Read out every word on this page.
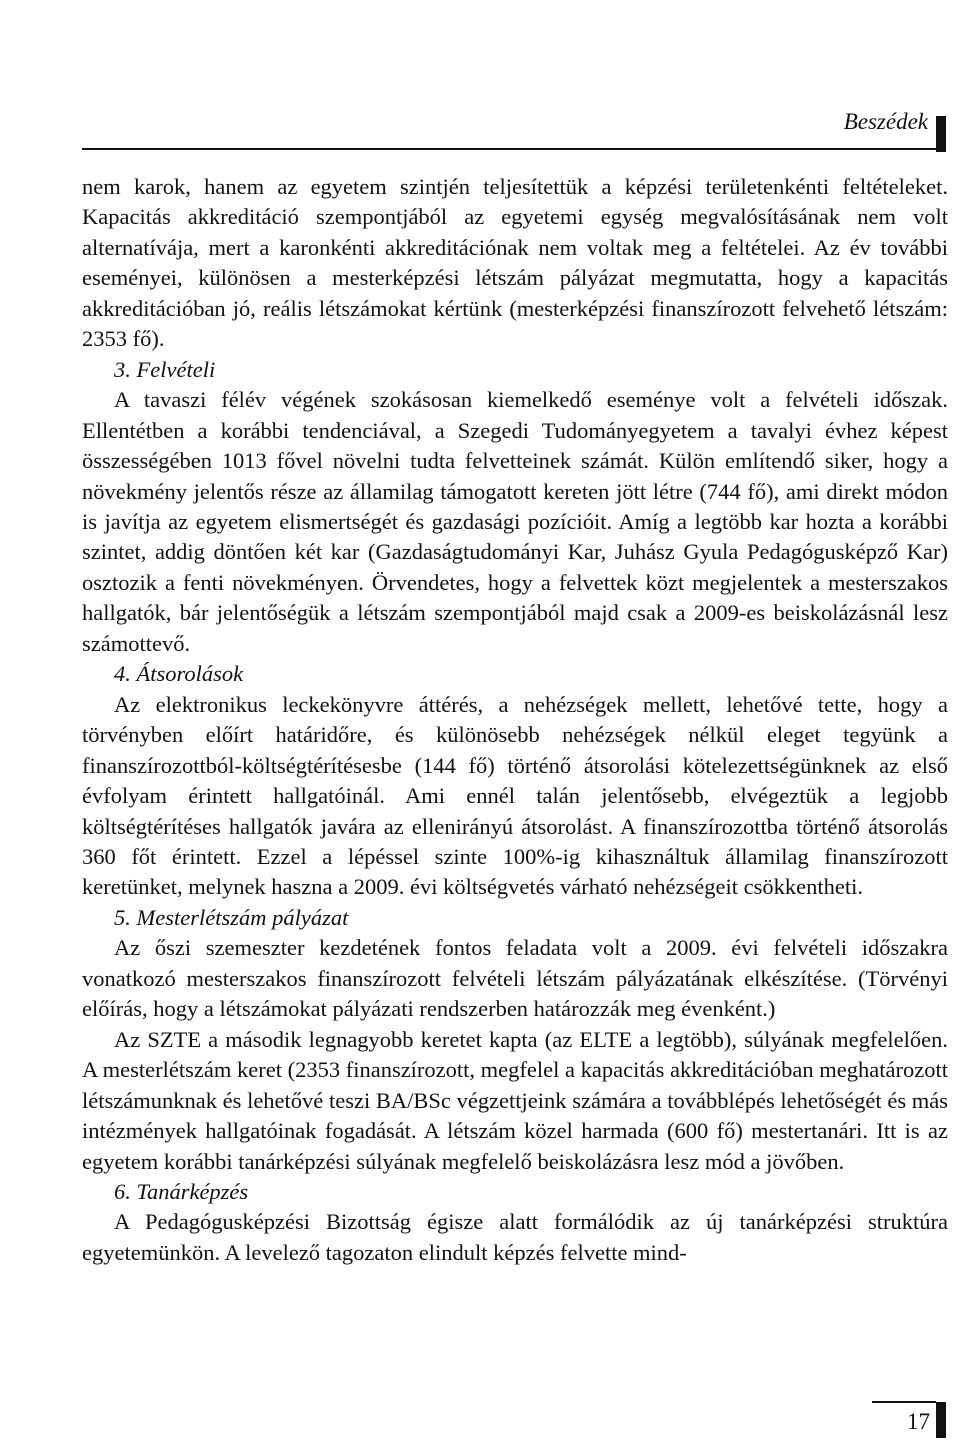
Beszédek

nem karok, hanem az egyetem szintjén teljesítettük a képzési területenkénti feltételeket. Kapacitás akkreditáció szempontjából az egyetemi egység megvalósításának nem volt alternatívája, mert a karonkénti akkreditációnak nem voltak meg a feltételei. Az év további eseményei, különösen a mesterképzési létszám pályázat megmutatta, hogy a kapacitás akkreditációban jó, reális létszámokat kértünk (mesterképzési finanszírozott felvehető létszám: 2353 fő).

3. Felvételi

A tavaszi félév végének szokásosan kiemelkedő eseménye volt a felvételi időszak. Ellentétben a korábbi tendenciával, a Szegedi Tudományegyetem a tavalyi évhez képest összességében 1013 fővel növelni tudta felvetteinek számát. Külön említendő siker, hogy a növekmény jelentős része az államilag támogatott kereten jött létre (744 fő), ami direkt módon is javítja az egyetem elismertségét és gazdasági pozícióit. Amíg a legtöbb kar hozta a korábbi szintet, addig döntően két kar (Gazdaságtudományi Kar, Juhász Gyula Pedagógusképző Kar) osztozik a fenti növekményen. Örvendetes, hogy a felvettek közt megjelentek a mesterszakos hallgatók, bár jelentőségük a létszám szempontjából majd csak a 2009-es beiskolázásnál lesz számottevő.

4. Átsorolások

Az elektronikus leckekönyvre áttérés, a nehézségek mellett, lehetővé tette, hogy a törvényben előírt határidőre, és különösebb nehézségek nélkül eleget tegyünk a finanszírozottból-költségtérítésesbe (144 fő) történő átsorolási kötelezettségünknek az első évfolyam érintett hallgatóinál. Ami ennél talán jelentősebb, elvégeztük a legjobb költségtérítéses hallgatók javára az ellenirányú átsorolást. A finanszírozottba történő átsorolás 360 főt érintett. Ezzel a lépéssel szinte 100%-ig kihasználtuk államilag finanszírozott keretünket, melynek haszna a 2009. évi költségvetés várható nehézségeit csökkentheti.

5. Mesterlétszám pályázat

Az őszi szemeszter kezdetének fontos feladata volt a 2009. évi felvételi időszakra vonatkozó mesterszakos finanszírozott felvételi létszám pályázatának elkészítése. (Törvényi előírás, hogy a létszámokat pályázati rendszerben határozzák meg évenként.)

Az SZTE a második legnagyobb keretet kapta (az ELTE a legtöbb), súlyának megfelelően. A mesterlétszám keret (2353 finanszírozott, megfelel a kapacitás akkreditációban meghatározott létszámunknak és lehetővé teszi BA/BSc végzettjeink számára a továbblépés lehetőségét és más intézmények hallgatóinak fogadását. A létszám közel harmada (600 fő) mestertanári. Itt is az egyetem korábbi tanárképzési súlyának megfelelő beiskolázásra lesz mód a jövőben.

6. Tanárképzés

A Pedagógusképzési Bizottság égisze alatt formálódik az új tanárképzési struktúra egyetemünkön. A levelező tagozaton elindult képzés felvette mind-

17
